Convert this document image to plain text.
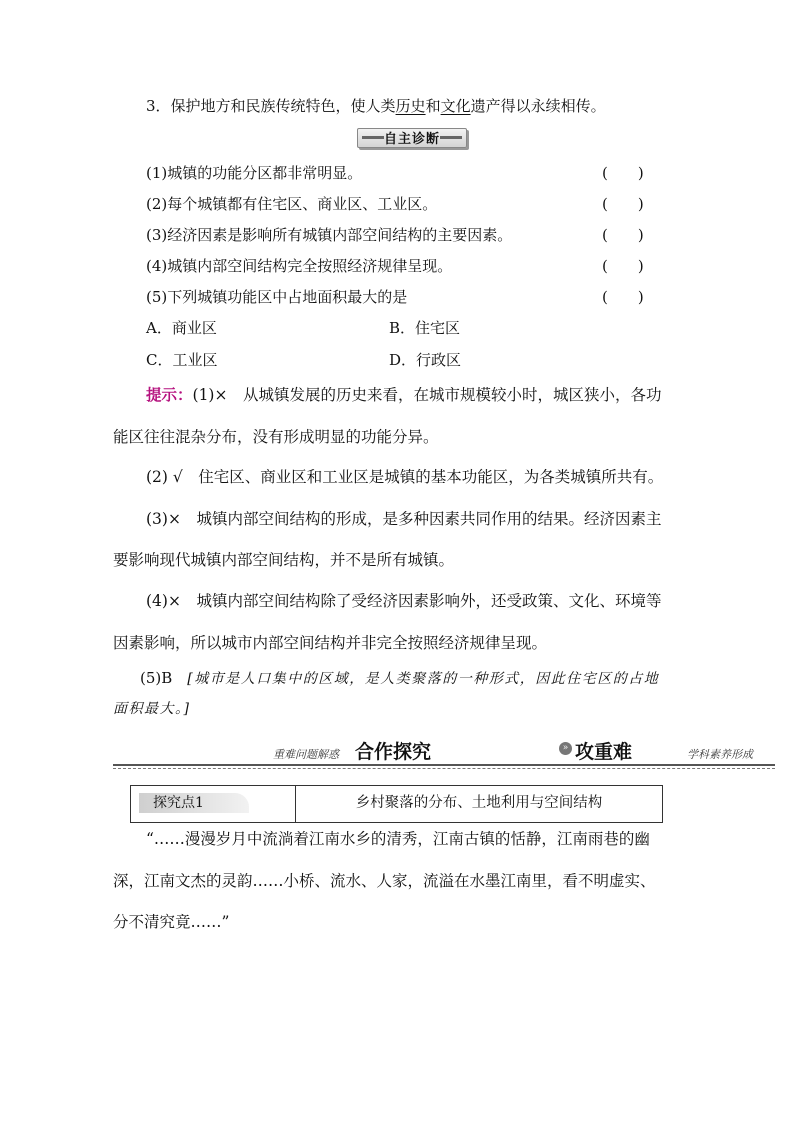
3．保护地方和民族传统特色，使人类历史和文化遗产得以永续相传。
自主诊断
(1)城镇的功能分区都非常明显。	(　　)
(2)每个城镇都有住宅区、商业区、工业区。	(　　)
(3)经济因素是影响所有城镇内部空间结构的主要因素。	(　　)
(4)城镇内部空间结构完全按照经济规律呈现。	(　　)
(5)下列城镇功能区中占地面积最大的是	(　　)
A．商业区	B．住宅区
C．工业区	D．行政区
提示：(1)×　从城镇发展的历史来看，在城市规模较小时，城区狭小，各功
能区往往混杂分布，没有形成明显的功能分异。
(2) √　住宅区、商业区和工业区是城镇的基本功能区，为各类城镇所共有。
(3)×　城镇内部空间结构的形成，是多种因素共同作用的结果。经济因素主
要影响现代城镇内部空间结构，并不是所有城镇。
(4)×　城镇内部空间结构除了受经济因素影响外，还受政策、文化、环境等
因素影响，所以城市内部空间结构并非完全按照经济规律呈现。
(5)B　[城市是人口集中的区域，是人类聚落的一种形式，因此住宅区的占地
面积最大。]
重难问题解惑 合作探究	» 攻重难	学科素养形成
探究点1	乡村聚落的分布、土地利用与空间结构
“……漫漫岁月中流淌着江南水乡的清秀，江南古镇的恬静，江南雨巷的幽
深，江南文杰的灵韵……小桥、流水、人家，流溢在水墨江南里，看不明虚实、
分不清究竟……”
